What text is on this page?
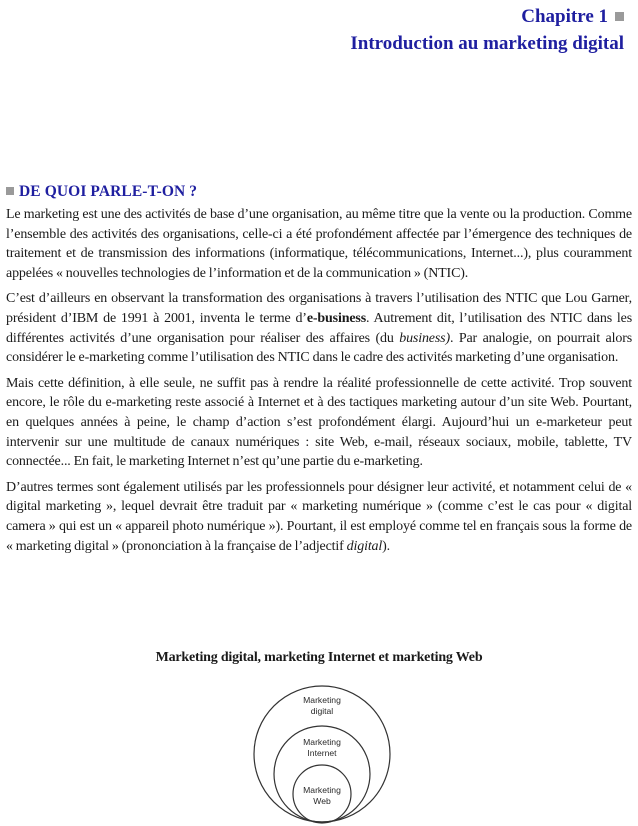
Chapitre 1
Introduction au marketing digital
DE QUOI PARLE-T-ON ?

Le marketing est une des activités de base d’une organisation, au même titre que la vente ou la production. Comme l’ensemble des activités des organisations, celle-ci a été profondément affectée par l’émergence des techniques de traitement et de transmission des informations (informatique, télécommunications, Internet...), plus couramment appelées « nouvelles technologies de l’information et de la communication » (NTIC).

C’est d’ailleurs en observant la transformation des organisations à travers l’utilisation des NTIC que Lou Garner, président d’IBM de 1991 à 2001, inventa le terme d’e-business. Autrement dit, l’utilisation des NTIC dans les différentes activités d’une organisation pour réaliser des affaires (du business). Par analogie, on pourrait alors considérer le e-marketing comme l’utilisation des NTIC dans le cadre des activités marketing d’une organisation.

Mais cette définition, à elle seule, ne suffit pas à rendre la réalité professionnelle de cette activité. Trop souvent encore, le rôle du e-marketing reste associé à Internet et à des tactiques marketing autour d’un site Web. Pourtant, en quelques années à peine, le champ d’action s’est profondément élargi. Aujourd’hui un e-marketeur peut intervenir sur une multitude de canaux numériques : site Web, e-mail, réseaux sociaux, mobile, tablette, TV connectée... En fait, le marketing Internet n’est qu’une partie du e-marketing.

D’autres termes sont également utilisés par les professionnels pour désigner leur activité, et notamment celui de « digital marketing », lequel devrait être traduit par « marketing numérique » (comme c’est le cas pour « digital camera » qui est un « appareil photo numérique »). Pourtant, il est employé comme tel en français sous la forme de « marketing digital » (prononciation à la française de l’adjectif digital).

Marketing digital, marketing Internet et marketing Web
Marketing
digital
Marketing
Internet
Marketing
Web
